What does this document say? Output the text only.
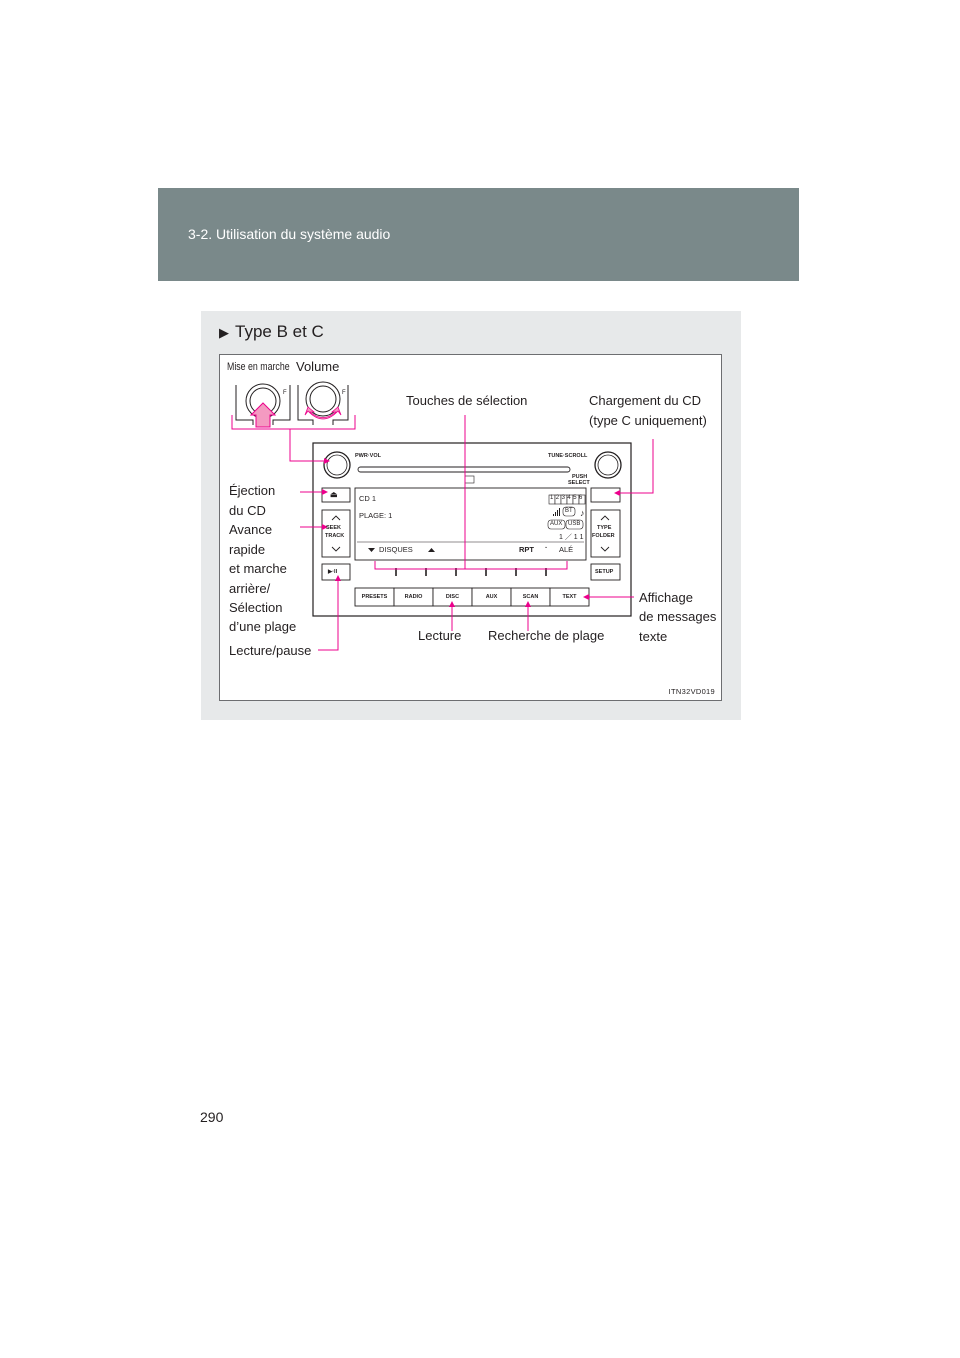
3-2. Utilisation du système audio
▶ Type B et C
F	F
♪
PWR·VOL	TUNE·SCROLL
PUSH
SELECT
⏏
SEEK
TRACK
TYPE
FOLDER
▶·II	SETUP
CD 1
PLAGE: 1
1 2 3 4 5 6
BT
AUX USB
1 ／ 1 1
DISQUES	RPT · ALÉ
PRESETS	RADIO	DISC	AUX	SCAN	TEXT
Mise en marche Volume
Touches de sélection	Chargement du CD
(type C uniquement)
Éjection
du CD
Avance
rapide
et marche
arrière/
Sélection
d’une plage
Lecture/pause
Lecture Recherche de plage
Affichage
de messages
texte
ITN32VD019
290
